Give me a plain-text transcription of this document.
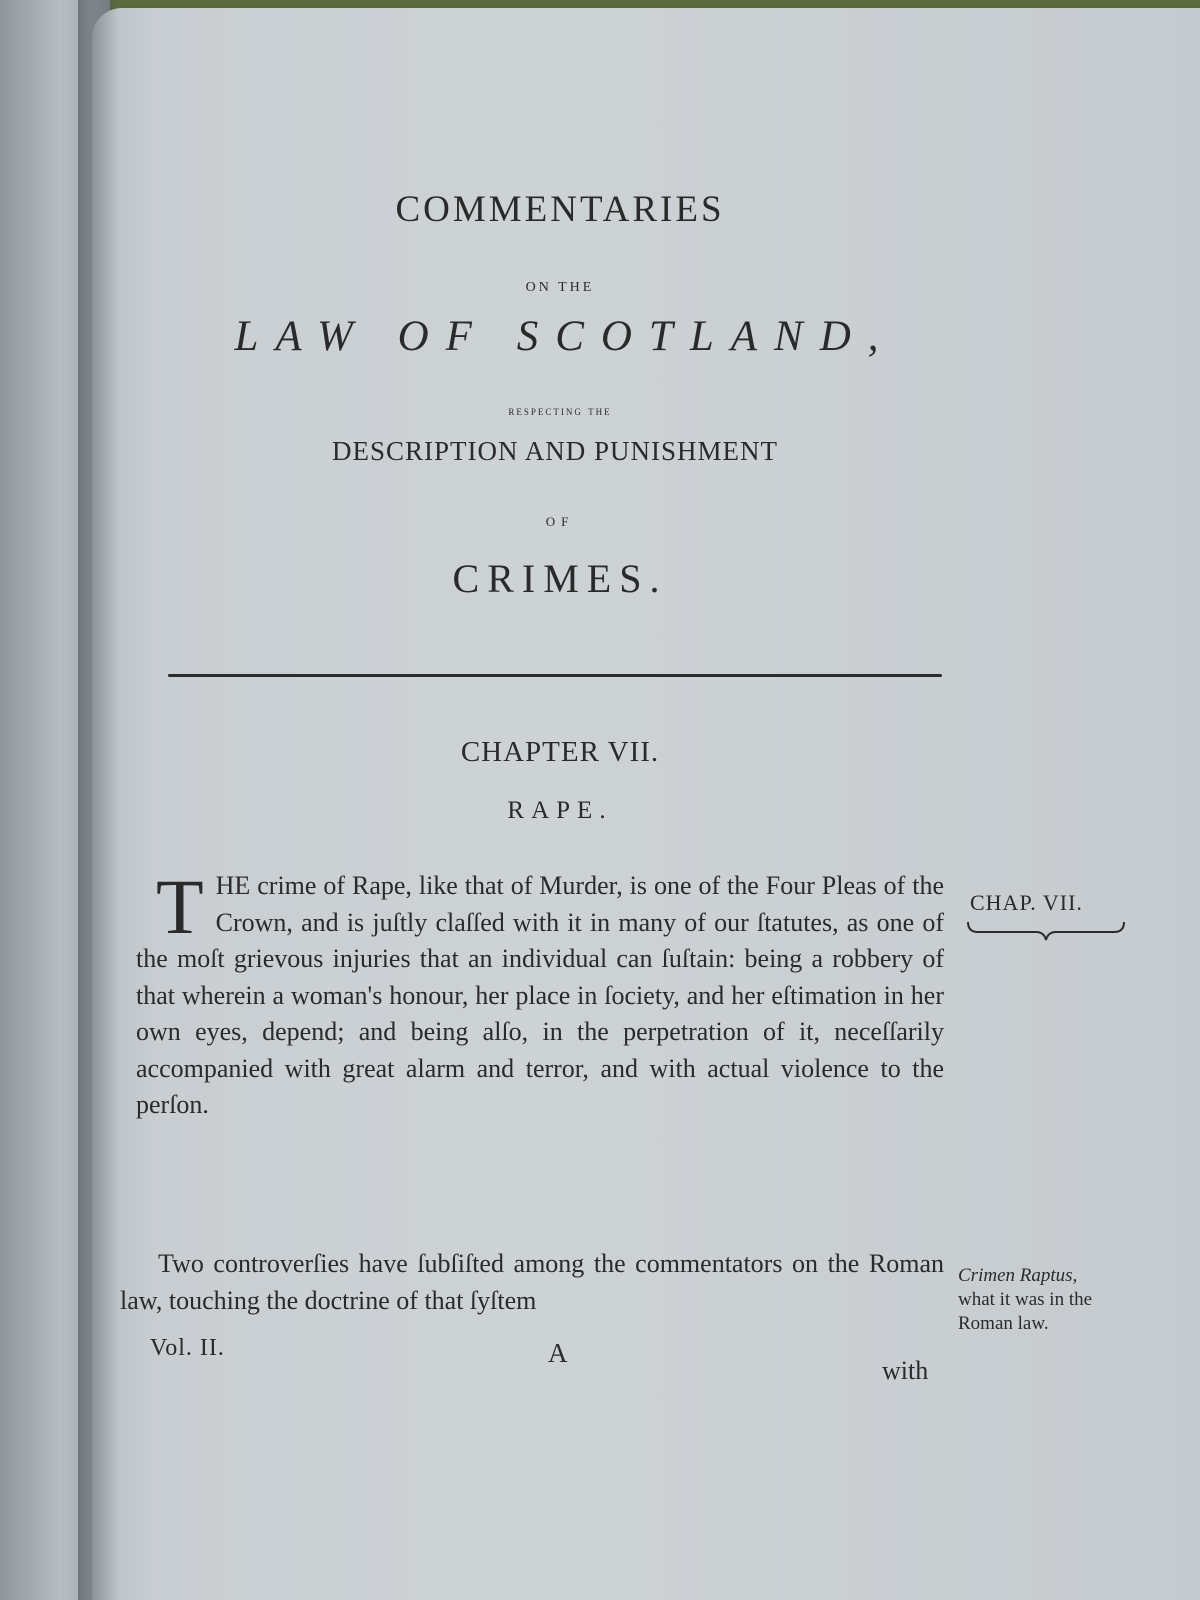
COMMENTARIES
ON THE
LAW OF SCOTLAND,
respecting the
DESCRIPTION AND PUNISHMENT
OF
CRIMES.
CHAPTER VII.
RAPE.
T HE crime of Rape, like that of Murder, is one of the Four Pleas of the Crown, and is juſtly claſſed with it in many of our ſtatutes, as one of the moſt grievous injuries that an individual can ſuſtain: being a robbery of that wherein a woman's honour, her place in ſociety, and her eſtimation in her own eyes, depend; and being alſo, in the perpetration of it, neceſſarily accompanied with great alarm and terror, and with actual violence to the perſon.
Two controverſies have ſubſiſted among the commentators on the Roman law, touching the doctrine of that ſyſtem
CHAP. VII.
Crimen Raptus,
what it was in the Roman law.
Vol. II.	A
with
